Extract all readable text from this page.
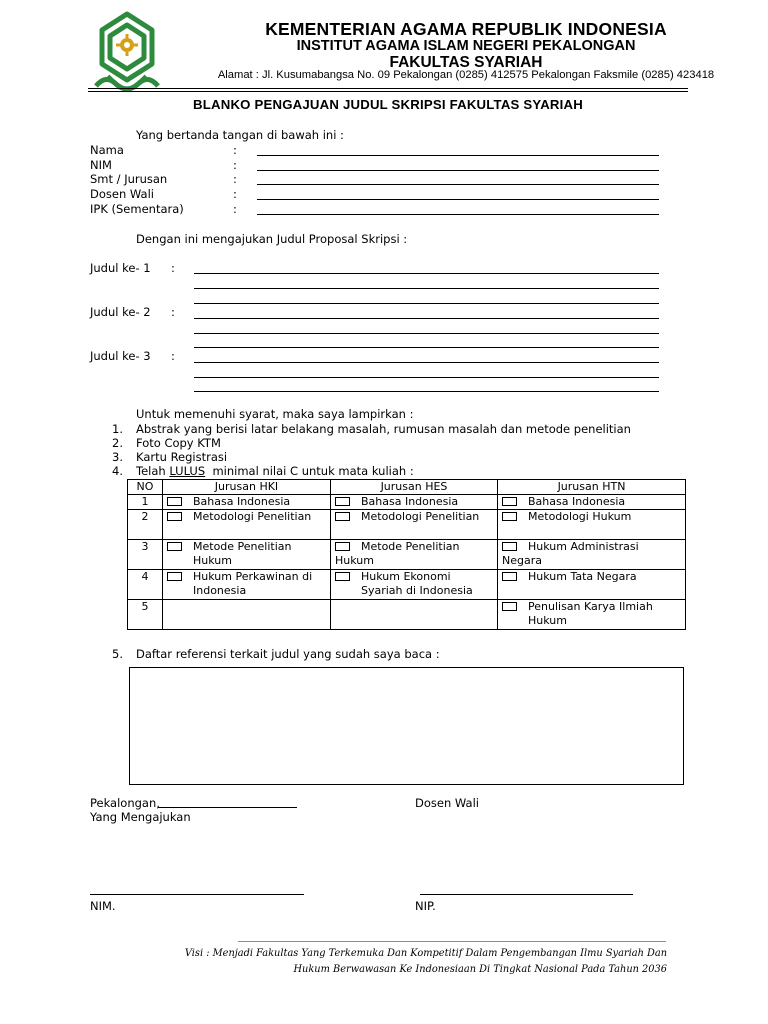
KEMENTERIAN AGAMA REPUBLIK INDONESIA
INSTITUT AGAMA ISLAM NEGERI PEKALONGAN
FAKULTAS SYARIAH
Alamat : Jl. Kusumabangsa No. 09 Pekalongan (0285) 412575 Pekalongan Faksmile (0285) 423418
BLANKO PENGAJUAN JUDUL SKRIPSI FAKULTAS SYARIAH
Yang bertanda tangan di bawah ini :
Nama	:
NIM	:
Smt / Jurusan	:
Dosen Wali	:
IPK (Sementara)	:
Dengan ini mengajukan Judul Proposal Skripsi :
Judul ke- 1 :
Judul ke- 2 :
Judul ke- 3 :
Untuk memenuhi syarat, maka saya lampirkan :
1. Abstrak yang berisi latar belakang masalah, rumusan masalah dan metode penelitian
2. Foto Copy KTM
3. Kartu Registrasi
4. Telah LULUS  minimal nilai C untuk mata kuliah :
NO	Jurusan HKI	Jurusan HES	Jurusan HTN
1	Bahasa Indonesia	Bahasa Indonesia	Bahasa Indonesia

2	Metodologi Penelitian	Metodologi Penelitian	Metodologi Hukum

3	Metode Penelitian Hukum	Metode Penelitian Hukum	Hukum Administrasi Negara

4	Hukum Perkawinan di Indonesia	Hukum Ekonomi Syariah di Indonesia	Hukum Tata Negara

5			Penulisan Karya Ilmiah Hukum
5. Daftar referensi terkait judul yang sudah saya baca :
Pekalongan,
Yang Mengajukan
Dosen Wali
NIM.	NIP.
Visi : Menjadi Fakultas Yang Terkemuka Dan Kompetitif Dalam Pengembangan Ilmu Syariah Dan
Hukum Berwawasan Ke Indonesiaan Di Tingkat Nasional Pada Tahun 2036
